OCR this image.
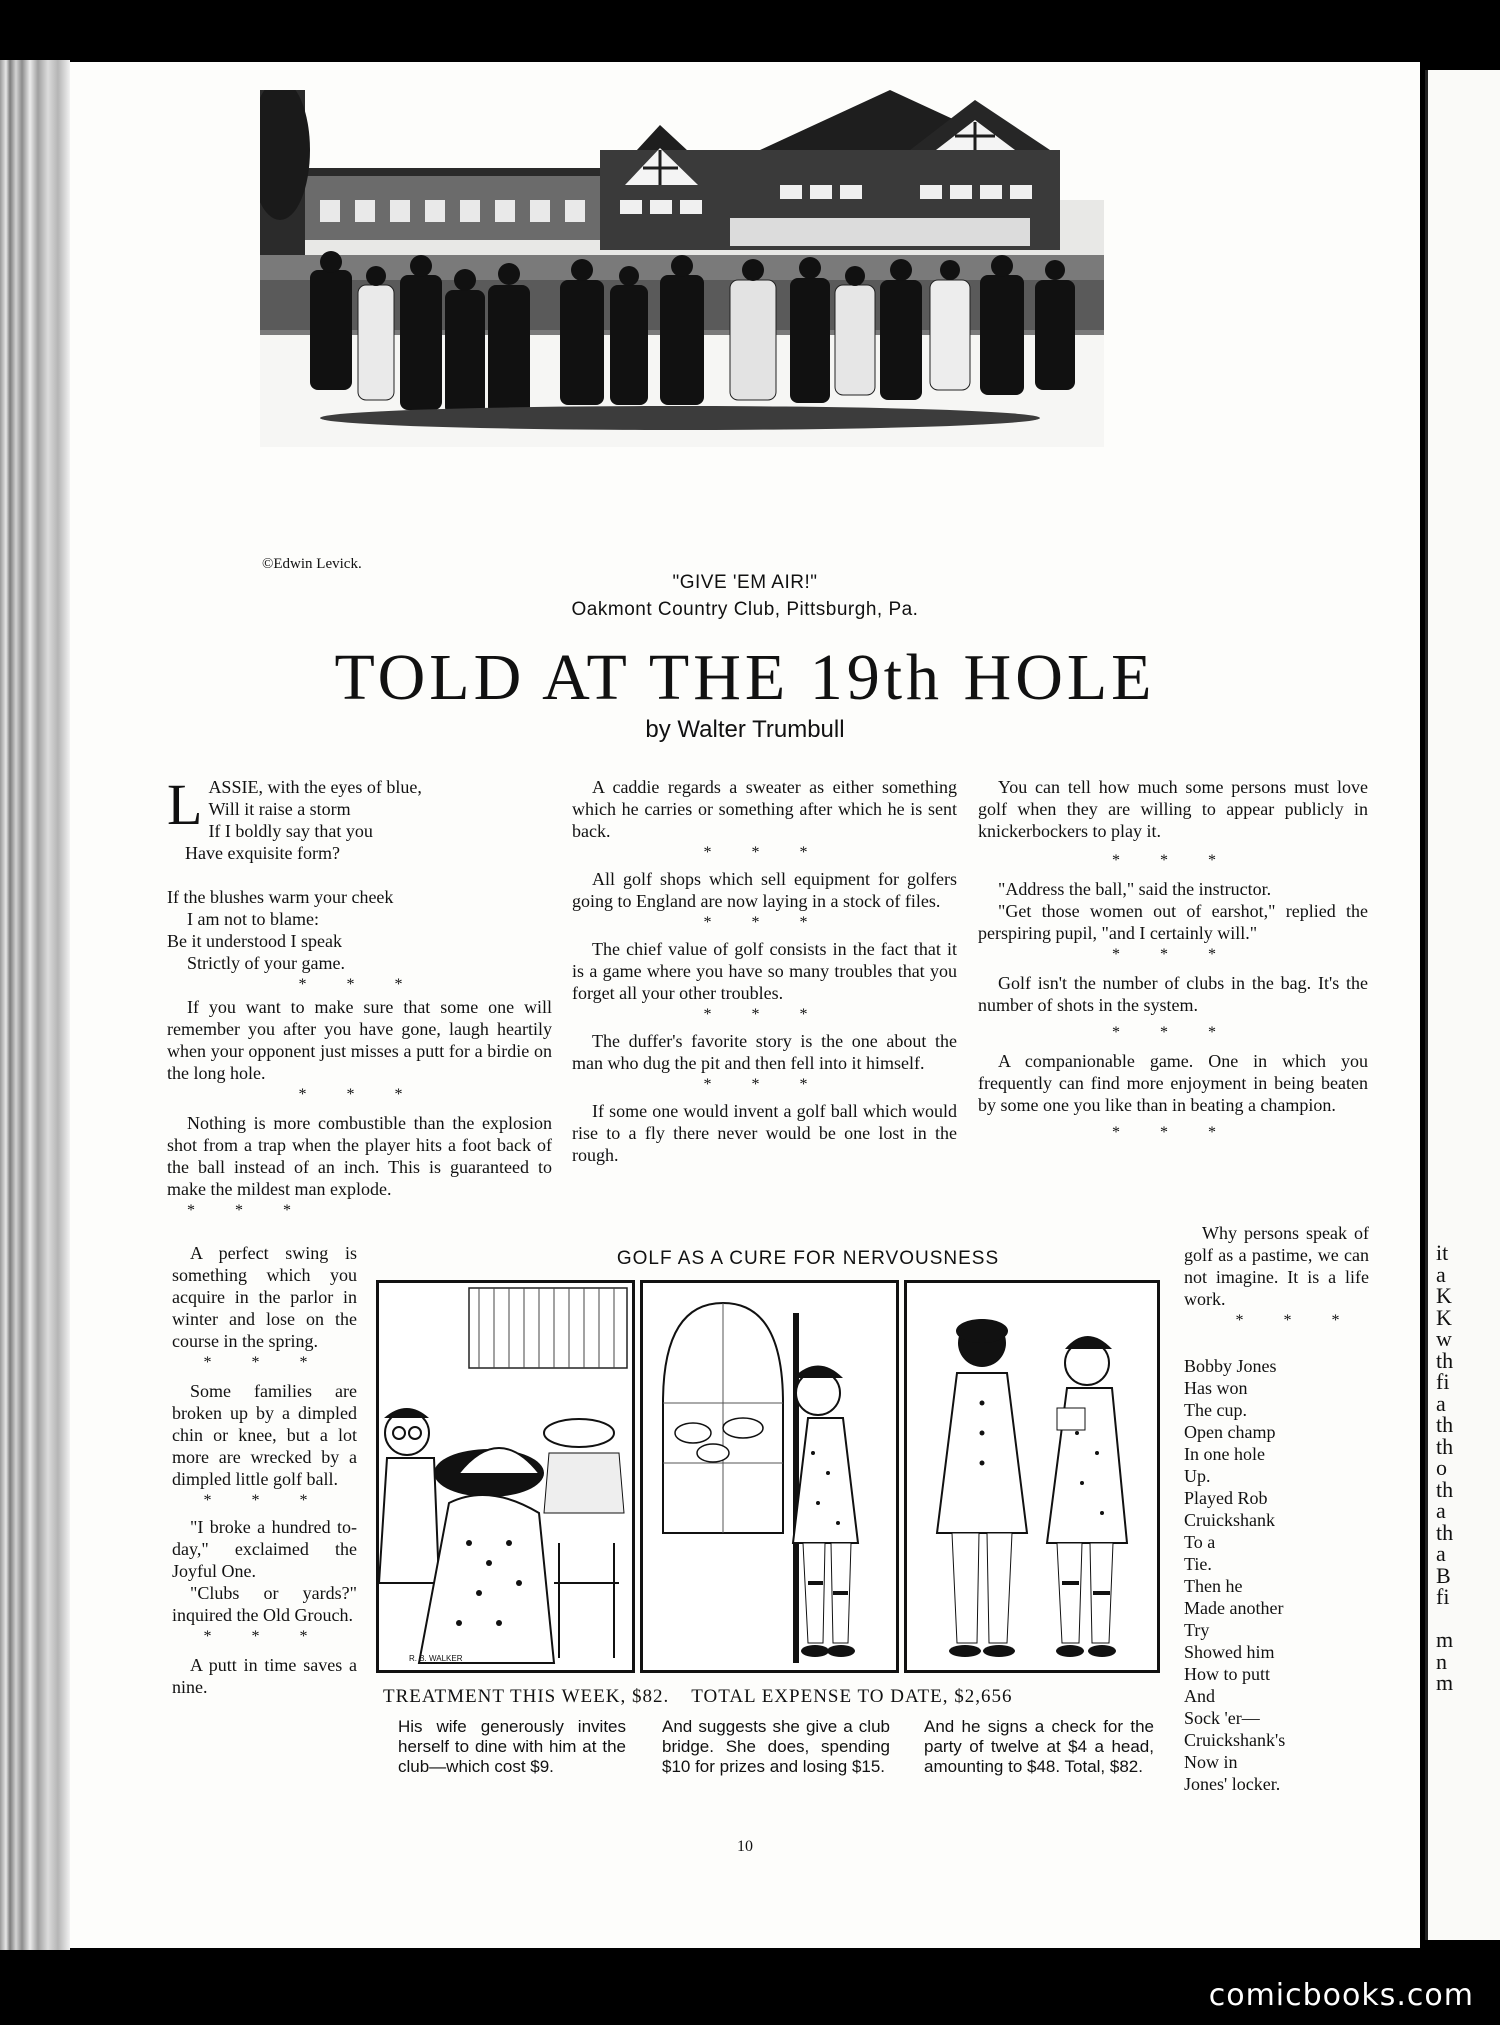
it
a
K
K
w
th
fi
a
th
th
o
th
a
th
a
B
fi
m
n
m
©Edwin Levick.
"GIVE 'EM AIR!"
Oakmont Country Club, Pittsburgh, Pa.
TOLD AT THE 19th HOLE
by Walter Trumbull
L ASSIE, with the eyes of blue,
Will it raise a storm
If I boldly say that you
Have exquisite form?
If the blushes warm your cheek
I am not to blame:
Be it understood I speak
Strictly of your game.
* * *

If you want to make sure that some one will remember you after you have gone, laugh heartily when your opponent just misses a putt for a birdie on the long hole.

* * *

Nothing is more combustible than the explosion shot from a trap when the player hits a foot back of the ball instead of an inch. This is guaranteed to make the mildest man explode.

* * *

A caddie regards a sweater as either something which he carries or something after which he is sent back.

* * *

All golf shops which sell equipment for golfers going to England are now laying in a stock of files.

* * *

The chief value of golf consists in the fact that it is a game where you have so many troubles that you forget all your other troubles.

* * *

The duffer's favorite story is the one about the man who dug the pit and then fell into it himself.

* * *

If some one would invent a golf ball which would rise to a fly there never would be one lost in the rough.

You can tell how much some persons must love golf when they are willing to appear publicly in knickerbockers to play it.

* * *

"Address the ball," said the instructor.

"Get those women out of earshot," replied the perspiring pupil, "and I certainly will."

* * *

Golf isn't the number of clubs in the bag. It's the number of shots in the system.

* * *

A companionable game. One in which you frequently can find more enjoyment in being beaten by some one you like than in beating a champion.

* * *

A perfect swing is something which you acquire in the parlor in winter and lose on the course in the spring.

* * *

Some families are broken up by a dimpled chin or knee, but a lot more are wrecked by a dimpled little golf ball.

* * *

"I broke a hundred to-day," exclaimed the Joyful One.

"Clubs or yards?" inquired the Old Grouch.

* * *

A putt in time saves a nine.

Why persons speak of golf as a pastime, we can not imagine. It is a life work.

* * *
Bobby Jones
Has won
The cup.
Open champ
In one hole
Up.
Played Rob
Cruickshank
To a
Tie.
Then he
Made another
Try
Showed him
How to putt
And
Sock 'er—
Cruickshank's
Now in
Jones' locker.
GOLF AS A CURE FOR NERVOUSNESS
R. B. WALKER
TREATMENT THIS WEEK, $82. TOTAL EXPENSE TO DATE, $2,656
His wife generously invites herself to dine with him at the club—which cost $9.
And suggests she give a club bridge. She does, spending $10 for prizes and losing $15.
And he signs a check for the party of twelve at $4 a head, amounting to $48. Total, $82.
10
comicbooks.com
